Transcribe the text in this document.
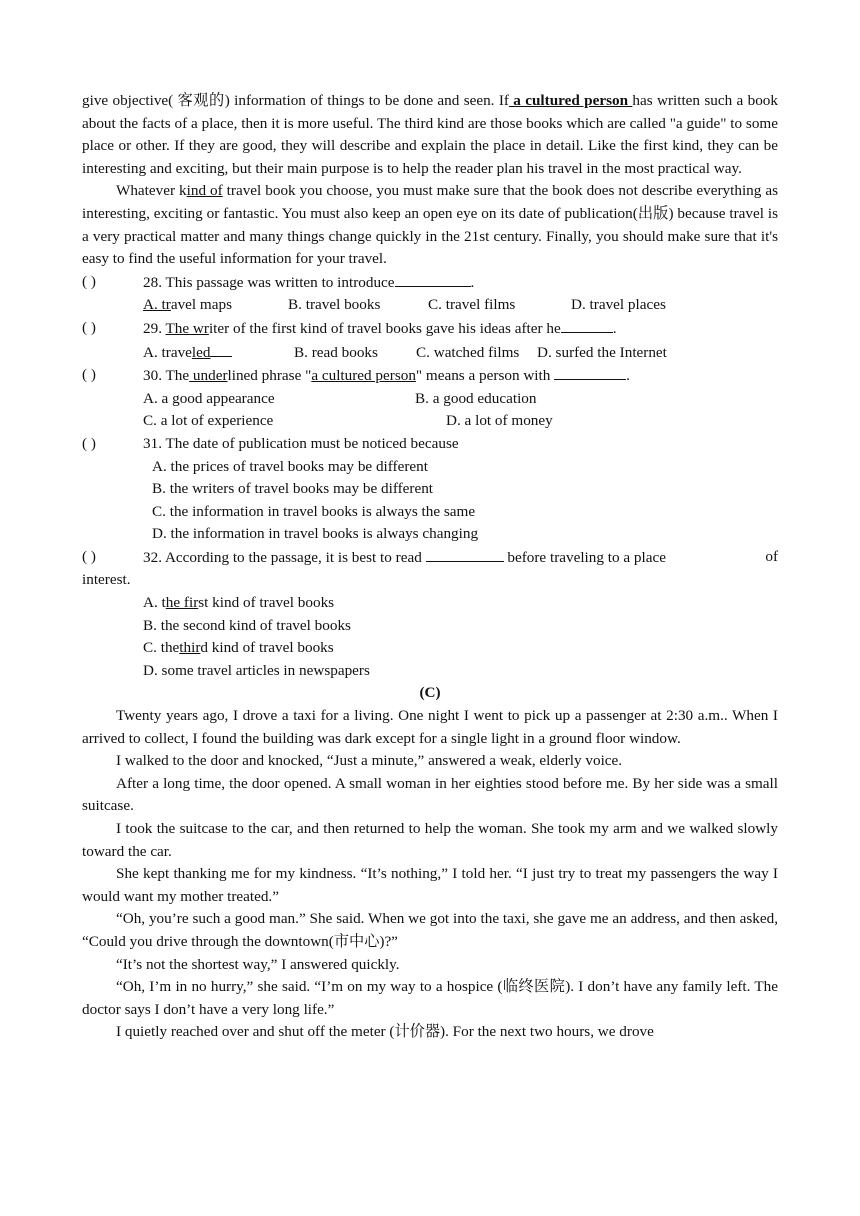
give objective( 客观的) information of things to be done and seen. If a cultured person has written such a book about the facts of a place, then it is more useful. The third kind are those books which are called "a guide" to some place or other. If they are good, they will describe and explain the place in detail. Like the first kind, they can be interesting and exciting, but their main purpose is to help the reader plan his travel in the most practical way.

Whatever kind of travel book you choose, you must make sure that the book does not describe everything as interesting, exciting or fantastic. You must also keep an open eye on its date of publication(出版) because travel is a very practical matter and many things change quickly in the 21st century. Finally, you should make sure that it's easy to find the useful information for your travel.

( )	28. This passage was written to introduce	.

A. travel maps	B. travel books	C. travel films	D. travel places

( )	29. The writer of the first kind of travel books gave his ideas after he	.

A. traveled	B. read books	C. watched films D. surfed the Internet

( )	30. The underlined phrase "a cultured person" means a person with	.

A. a good appearance	B. a good education

C. a lot of experience	D. a lot of money

( )	31. The date of publication must be noticed because

A. the prices of travel books may be different

B. the writers of travel books may be different

C. the information in travel books is always the same

D. the information in travel books is always changing

( )	32. According to the passage, it is best to read	before traveling to a place	of

interest.

A. the first kind of travel books

B. the second kind of travel books

C. thethird kind of travel books

D. some travel articles in newspapers

(C)

Twenty years ago, I drove a taxi for a living. One night I went to pick up a passenger at 2:30 a.m.. When I arrived to collect, I found the building was dark except for a single light in a ground floor window.

I walked to the door and knocked, “Just a minute,” answered a weak, elderly voice.

After a long time, the door opened. A small woman in her eighties stood before me. By her side was a small suitcase.

I took the suitcase to the car, and then returned to help the woman. She took my arm and we walked slowly toward the car.

She kept thanking me for my kindness. “It’s nothing,” I told her. “I just try to treat my passengers the way I would want my mother treated.”

“Oh, you’re such a good man.” She said. When we got into the taxi, she gave me an address, and then asked, “Could you drive through the downtown(市中心)?”

“It’s not the shortest way,” I answered quickly.

“Oh, I’m in no hurry,” she said. “I’m on my way to a hospice (临终医院). I don’t have any family left. The doctor says I don’t have a very long life.”

I quietly reached over and shut off the meter (计价器). For the next two hours, we drove
